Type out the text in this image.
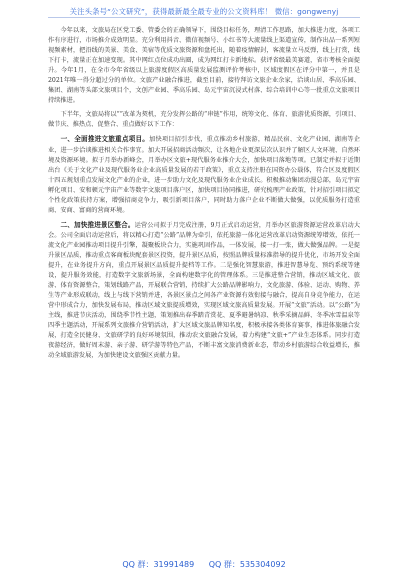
关注头条号“公文研究”，获得最新最全最专业的公文资料库！ 微信：gongwenyj

今年以来，文旅局在区党工委、管委会的正确领导下，围绕目标任务，理清工作思路，加大推进力度，各项工作有序进行，市场推介成效明显。充分利用抖音、微信视频号、小红书等大流量线上渠道宣传，制作出品一系列短视频素材，把沿线的美景、美食、美宿等优质文旅资源和盘托出，随着疫情解封，客流量立马反弹，线上打赏，线下打卡，流量正在加速变现。其中网红点位成功出圈，成为网红打卡新地标。获评省级最美赛道，省市考核全面提升。今年1月，在全市今年省级以上旅游度假区高质量发展监测评价考核中，区域度假区在评分中第一，并且是2021年唯一得分超过分的单位。文旅产业融合推进，截至目前，接待拜访文旅企业余家，洽谈山居、季高乐园、集团、湖南等头部文旅项目个，文创产业园、季高乐园、岛元宇宙沉浸式村落、综合培训中心等一批重点文旅项目持续推进。

下半年，文旅局将以“”改革为契机，充分发挥公路的“串链”作用，统筹文化、体育、旅游优质资源，引项目、做节庆、推热点、促整合、重点做好以下工作：

一、全面推进文旅重点项目。加快项目招引步伐，重点推动乡村旅游，精品民宿、文化产业园、湖南等企业，进一步洽谈推进相关合作事宜。加大开展招商活动频次，让各地企业更深层次认识并了解区人文环境、自然环境及资源环境。拟于月举办新峰会，月举办区文旅+现代服务业推介大会，加快项目落地等项。已制定并拟于近期出台《关于文化产业及现代服务业企业高质量发展的若干政策》，重点支持注册在国资办公载体，符合区及度假区十四五规划重点发展文化产业的企业，进一步助力文化及现代服务业企业成长。积极推动集团动漫总部，岛元宇宙孵化项目、安和顿元宇宙产业等数字文旅项目落户区，加快项目协同推进，研究梳理产业政策，针对招引项目拟定个性化政策扶持方案，增强招商竞争力，吸引新项目落户，同时助力落户企业不断做大做强，以优质服务打造重商、安商、富商的营商环境。

二、加快推进景区整合。运营公司拟于月完成注册，9月正式启动运营，月举办区旅游资源运营改革启动大会。公司全面启动运营后，将以精心打造“公路”品牌为牵引，依托旅游一体化运营改革启动资源统筹增效，依托一流文化产业园推动项目提升引擎，凝聚板块合力，实施巩固作品，一体发展，接一打一张，做大做强品牌。一是提升景区品质，推动重点客商板块配套景区投资，提升景区品质，按照品牌质量标准指导的提升优化，市场开发全面提升，在业务提升方向，重点开展景区品质提升提档等工作。二是强化智慧旅游，推进智慧导览、预约系统等建设，提升服务效能，打造数字文旅新场景，全面构建数字化的管理体系。三是推进整合营销，推动区域文化、旅游、体育资源整合，策划线路产品，开展联合营销，持续扩大公路品牌影响力，文化旅游、体验、运动、购物、养生等产业形成联动，线上与线下营销并进，各景区景点之间各产业资源有效衔接与融合，提高自身竞争能力，在运营中形成合力，加快发展布局，推动区域文旅提质增效，实现区域文旅高质量发展。开展“文旅”活动。以“公路”为主线，推进节庆活动，围绕季节性主题，策划推出春季踏青赏花、夏季避暑纳凉、秋季采摘品鲜、冬季冰雪温泉等四季主题活动，开展系列文旅推介营销活动，扩大区域文旅品牌知名度，积极承接各类体育赛事，推进体旅融合发展，打造全民健身、文旅研学的良好环境氛围，推动农文旅融合发展，着力构建“文旅+”产业生态体系。同步打造夜游经济，做好周末游、亲子游、研学游等特色产品，不断丰富文旅消费新业态，带动乡村旅游综合收益增长，推动全域旅游发展，为加快建设文旅强区贡献力量。

QQ 群：31991489 QQ 群：535304092
